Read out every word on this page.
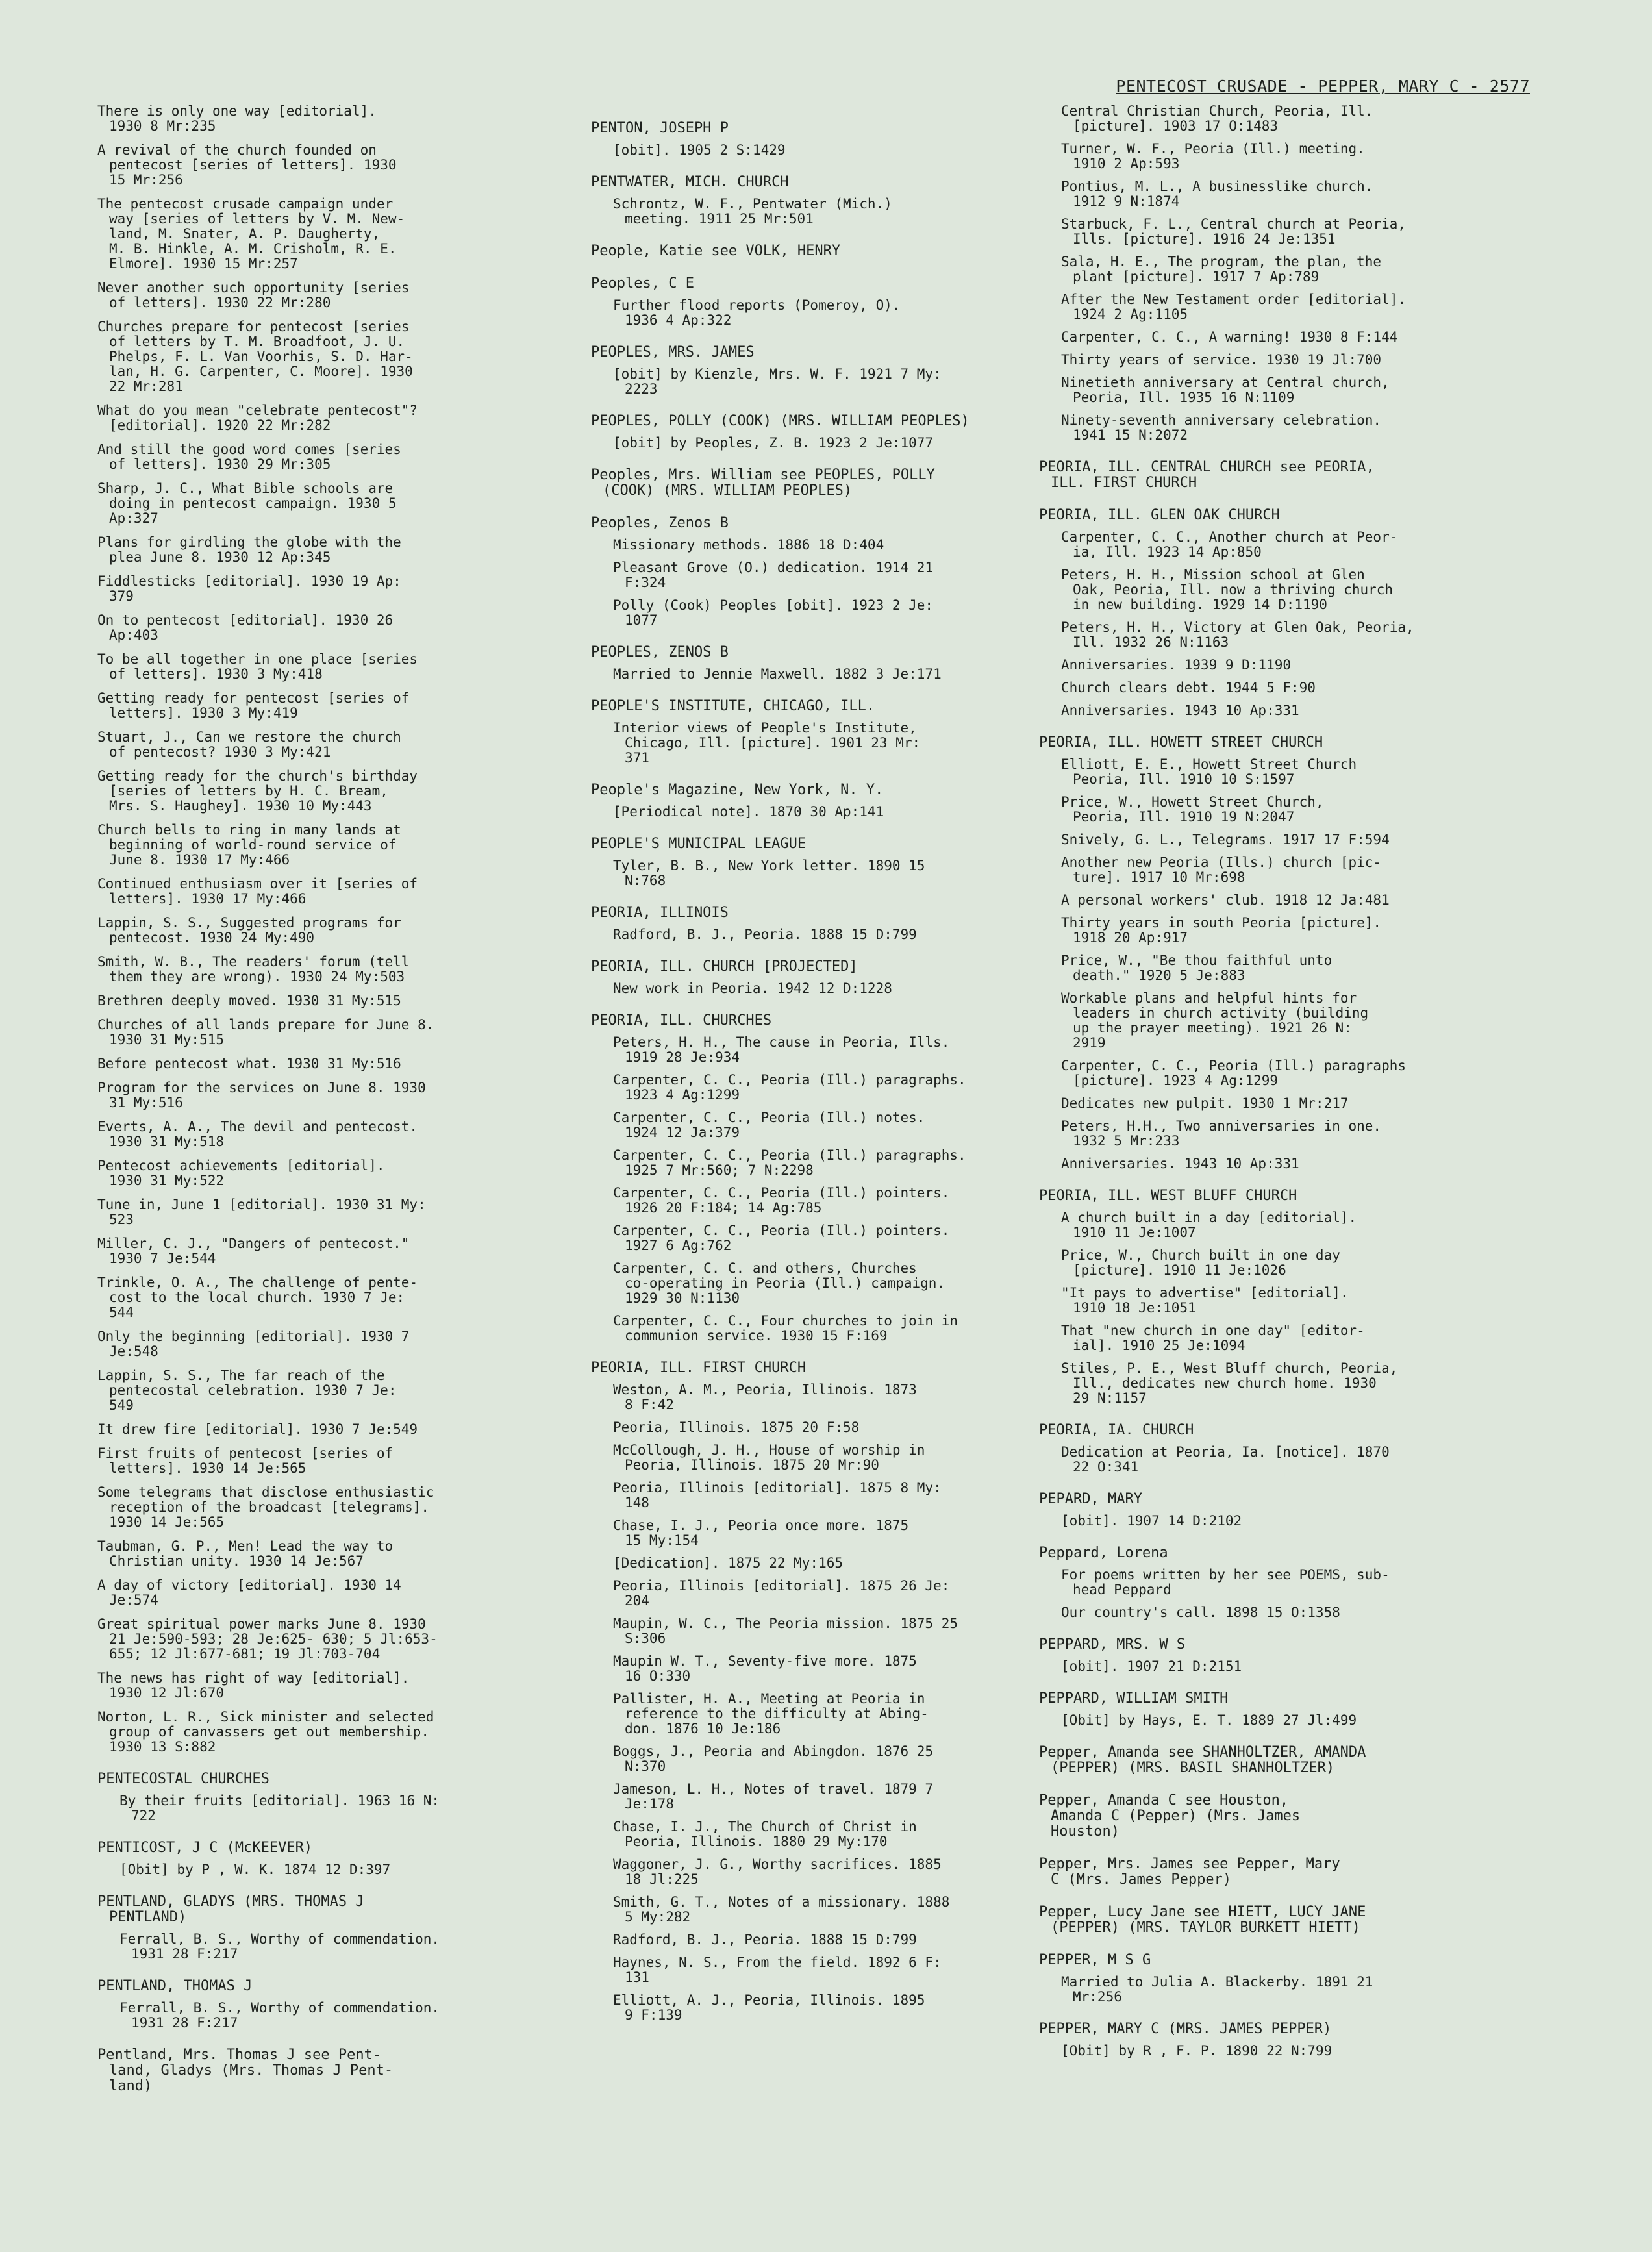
PENTECOST CRUSADE - PEPPER, MARY C - 2577
There is only one way [editorial].
1930 8 Mr:235
A revival of the church founded on
pentecost [series of letters]. 1930
15 Mr:256
The pentecost crusade campaign under
way [series of letters by V. M. New-
land, M. Snater, A. P. Daugherty,
M. B. Hinkle, A. M. Crisholm, R. E.
Elmore]. 1930 15 Mr:257
Never another such opportunity [series
of letters]. 1930 22 Mr:280
Churches prepare for pentecost [series
of letters by T. M. Broadfoot, J. U.
Phelps, F. L. Van Voorhis, S. D. Har-
lan, H. G. Carpenter, C. Moore]. 1930
22 Mr:281
What do you mean "celebrate pentecost"?
[editorial]. 1920 22 Mr:282
And still the good word comes [series
of letters]. 1930 29 Mr:305
Sharp, J. C., What Bible schools are
doing in pentecost campaign. 1930 5
Ap:327
Plans for girdling the globe with the
plea June 8. 1930 12 Ap:345
Fiddlesticks [editorial]. 1930 19 Ap:
379
On to pentecost [editorial]. 1930 26
Ap:403
To be all together in one place [series
of letters]. 1930 3 My:418
Getting ready for pentecost [series of
letters]. 1930 3 My:419
Stuart, J., Can we restore the church
of pentecost? 1930 3 My:421
Getting ready for the church's birthday
[series of letters by H. C. Bream,
Mrs. S. Haughey]. 1930 10 My:443
Church bells to ring in many lands at
beginning of world-round service of
June 8. 1930 17 My:466
Continued enthusiasm over it [series of
letters]. 1930 17 My:466
Lappin, S. S., Suggested programs for
pentecost. 1930 24 My:490
Smith, W. B., The readers' forum (tell
them they are wrong). 1930 24 My:503
Brethren deeply moved. 1930 31 My:515
Churches of all lands prepare for June 8.
1930 31 My:515
Before pentecost what. 1930 31 My:516
Program for the services on June 8. 1930
31 My:516
Everts, A. A., The devil and pentecost.
1930 31 My:518
Pentecost achievements [editorial].
1930 31 My:522
Tune in, June 1 [editorial]. 1930 31 My:
523
Miller, C. J., "Dangers of pentecost."
1930 7 Je:544
Trinkle, O. A., The challenge of pente-
cost to the local church. 1930 7 Je:
544
Only the beginning [editorial]. 1930 7
Je:548
Lappin, S. S., The far reach of the
pentecostal celebration. 1930 7 Je:
549
It drew fire [editorial]. 1930 7 Je:549
First fruits of pentecost [series of
letters]. 1930 14 Je:565
Some telegrams that disclose enthusiastic
reception of the broadcast [telegrams].
1930 14 Je:565
Taubman, G. P., Men! Lead the way to
Christian unity. 1930 14 Je:567
A day of victory [editorial]. 1930 14
Je:574
Great spiritual power marks June 8. 1930
21 Je:590-593; 28 Je:625- 630; 5 Jl:653-
655; 12 Jl:677-681; 19 Jl:703-704
The news has right of way [editorial].
1930 12 Jl:670
Norton, L. R., Sick minister and selected
group of canvassers get out membership.
1930 13 S:882
PENTECOSTAL CHURCHES
By their fruits [editorial]. 1963 16 N:
722
PENTICOST, J C (McKEEVER)
[Obit] by P , W. K. 1874 12 D:397
PENTLAND, GLADYS (MRS. THOMAS J
PENTLAND)
Ferrall, B. S., Worthy of commendation.
1931 28 F:217
PENTLAND, THOMAS J
Ferrall, B. S., Worthy of commendation.
1931 28 F:217
Pentland, Mrs. Thomas J see Pent-
land, Gladys (Mrs. Thomas J Pent-
land)
PENTON, JOSEPH P
[obit]. 1905 2 S:1429
PENTWATER, MICH. CHURCH
Schrontz, W. F., Pentwater (Mich.)
meeting. 1911 25 Mr:501
People, Katie see VOLK, HENRY
Peoples, C E
Further flood reports (Pomeroy, O).
1936 4 Ap:322
PEOPLES, MRS. JAMES
[obit] by Kienzle, Mrs. W. F. 1921 7 My:
2223
PEOPLES, POLLY (COOK) (MRS. WILLIAM PEOPLES)
[obit] by Peoples, Z. B. 1923 2 Je:1077
Peoples, Mrs. William see PEOPLES, POLLY
(COOK) (MRS. WILLIAM PEOPLES)
Peoples, Zenos B
Missionary methods. 1886 18 D:404
Pleasant Grove (O.) dedication. 1914 21
F:324
Polly (Cook) Peoples [obit]. 1923 2 Je:
1077
PEOPLES, ZENOS B
Married to Jennie Maxwell. 1882 3 Je:171
PEOPLE'S INSTITUTE, CHICAGO, ILL.
Interior views of People's Institute,
Chicago, Ill. [picture]. 1901 23 Mr:
371
People's Magazine, New York, N. Y.
[Periodical note]. 1870 30 Ap:141
PEOPLE'S MUNICIPAL LEAGUE
Tyler, B. B., New York letter. 1890 15
N:768
PEORIA, ILLINOIS
Radford, B. J., Peoria. 1888 15 D:799
PEORIA, ILL. CHURCH [PROJECTED]
New work in Peoria. 1942 12 D:1228
PEORIA, ILL. CHURCHES
Peters, H. H., The cause in Peoria, Ills.
1919 28 Je:934
Carpenter, C. C., Peoria (Ill.) paragraphs.
1923 4 Ag:1299
Carpenter, C. C., Peoria (Ill.) notes.
1924 12 Ja:379
Carpenter, C. C., Peoria (Ill.) paragraphs.
1925 7 Mr:560; 7 N:2298
Carpenter, C. C., Peoria (Ill.) pointers.
1926 20 F:184; 14 Ag:785
Carpenter, C. C., Peoria (Ill.) pointers.
1927 6 Ag:762
Carpenter, C. C. and others, Churches
co-operating in Peoria (Ill.) campaign.
1929 30 N:1130
Carpenter, C. C., Four churches to join in
communion service. 1930 15 F:169
PEORIA, ILL. FIRST CHURCH
Weston, A. M., Peoria, Illinois. 1873
8 F:42
Peoria, Illinois. 1875 20 F:58
McCollough, J. H., House of worship in
Peoria, Illinois. 1875 20 Mr:90
Peoria, Illinois [editorial]. 1875 8 My:
148
Chase, I. J., Peoria once more. 1875
15 My:154
[Dedication]. 1875 22 My:165
Peoria, Illinois [editorial]. 1875 26 Je:
204
Maupin, W. C., The Peoria mission. 1875 25
S:306
Maupin W. T., Seventy-five more. 1875
16 O:330
Pallister, H. A., Meeting at Peoria in
reference to the difficulty at Abing-
don. 1876 10 Je:186
Boggs, J., Peoria and Abingdon. 1876 25
N:370
Jameson, L. H., Notes of travel. 1879 7
Je:178
Chase, I. J., The Church of Christ in
Peoria, Illinois. 1880 29 My:170
Waggoner, J. G., Worthy sacrifices. 1885
18 Jl:225
Smith, G. T., Notes of a missionary. 1888
5 My:282
Radford, B. J., Peoria. 1888 15 D:799
Haynes, N. S., From the field. 1892 6 F:
131
Elliott, A. J., Peoria, Illinois. 1895
9 F:139
Central Christian Church, Peoria, Ill.
[picture]. 1903 17 O:1483
Turner, W. F., Peoria (Ill.) meeting.
1910 2 Ap:593
Pontius, M. L., A businesslike church.
1912 9 N:1874
Starbuck, F. L., Central church at Peoria,
Ills. [picture]. 1916 24 Je:1351
Sala, H. E., The program, the plan, the
plant [picture]. 1917 7 Ap:789
After the New Testament order [editorial].
1924 2 Ag:1105
Carpenter, C. C., A warning! 1930 8 F:144
Thirty years of service. 1930 19 Jl:700
Ninetieth anniversary at Central church,
Peoria, Ill. 1935 16 N:1109
Ninety-seventh anniversary celebration.
1941 15 N:2072
PEORIA, ILL. CENTRAL CHURCH see PEORIA,
ILL. FIRST CHURCH
PEORIA, ILL. GLEN OAK CHURCH
Carpenter, C. C., Another church at Peor-
ia, Ill. 1923 14 Ap:850
Peters, H. H., Mission school at Glen
Oak, Peoria, Ill. now a thriving church
in new building. 1929 14 D:1190
Peters, H. H., Victory at Glen Oak, Peoria,
Ill. 1932 26 N:1163
Anniversaries. 1939 9 D:1190
Church clears debt. 1944 5 F:90
Anniversaries. 1943 10 Ap:331
PEORIA, ILL. HOWETT STREET CHURCH
Elliott, E. E., Howett Street Church
Peoria, Ill. 1910 10 S:1597
Price, W., Howett Street Church,
Peoria, Ill. 1910 19 N:2047
Snively, G. L., Telegrams. 1917 17 F:594
Another new Peoria (Ills.) church [pic-
ture]. 1917 10 Mr:698
A personal workers' club. 1918 12 Ja:481
Thirty years in south Peoria [picture].
1918 20 Ap:917
Price, W., "Be thou faithful unto
death." 1920 5 Je:883
Workable plans and helpful hints for
leaders in church activity (building
up the prayer meeting). 1921 26 N:
2919
Carpenter, C. C., Peoria (Ill.) paragraphs
[picture]. 1923 4 Ag:1299
Dedicates new pulpit. 1930 1 Mr:217
Peters, H.H., Two anniversaries in one.
1932 5 Mr:233
Anniversaries. 1943 10 Ap:331
PEORIA, ILL. WEST BLUFF CHURCH
A church built in a day [editorial].
1910 11 Je:1007
Price, W., Church built in one day
[picture]. 1910 11 Je:1026
"It pays to advertise" [editorial].
1910 18 Je:1051
That "new church in one day" [editor-
ial]. 1910 25 Je:1094
Stiles, P. E., West Bluff church, Peoria,
Ill., dedicates new church home. 1930
29 N:1157
PEORIA, IA. CHURCH
Dedication at Peoria, Ia. [notice]. 1870
22 O:341
PEPARD, MARY
[obit]. 1907 14 D:2102
Peppard, Lorena
For poems written by her see POEMS, sub-
head Peppard
Our country's call. 1898 15 O:1358
PEPPARD, MRS. W S
[obit]. 1907 21 D:2151
PEPPARD, WILLIAM SMITH
[Obit] by Hays, E. T. 1889 27 Jl:499
Pepper, Amanda see SHANHOLTZER, AMANDA
(PEPPER) (MRS. BASIL SHANHOLTZER)
Pepper, Amanda C see Houston,
Amanda C (Pepper) (Mrs. James
Houston)
Pepper, Mrs. James see Pepper, Mary
C (Mrs. James Pepper)
Pepper, Lucy Jane see HIETT, LUCY JANE
(PEPPER) (MRS. TAYLOR BURKETT HIETT)
PEPPER, M S G
Married to Julia A. Blackerby. 1891 21
Mr:256
PEPPER, MARY C (MRS. JAMES PEPPER)
[Obit] by R , F. P. 1890 22 N:799
